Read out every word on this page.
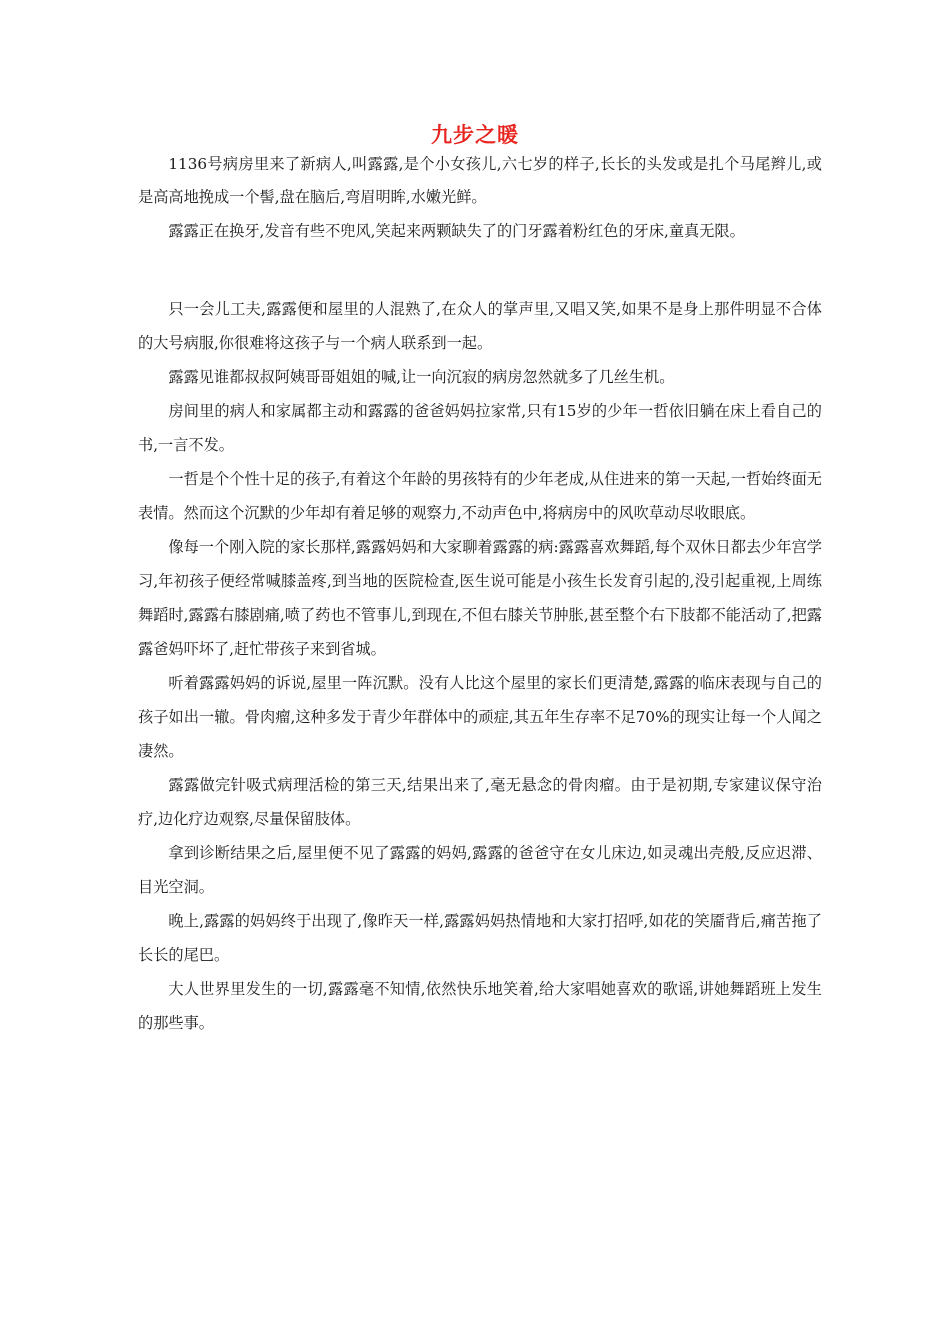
九步之暖

1136号病房里来了新病人,叫露露,是个小女孩儿,六七岁的样子,长长的头发或是扎个马尾辫儿,或是高高地挽成一个髻,盘在脑后,弯眉明眸,水嫩光鲜。

露露正在换牙,发音有些不兜风,笑起来两颗缺失了的门牙露着粉红色的牙床,童真无限。

只一会儿工夫,露露便和屋里的人混熟了,在众人的掌声里,又唱又笑,如果不是身上那件明显不合体的大号病服,你很难将这孩子与一个病人联系到一起。

露露见谁都叔叔阿姨哥哥姐姐的喊,让一向沉寂的病房忽然就多了几丝生机。

房间里的病人和家属都主动和露露的爸爸妈妈拉家常,只有15岁的少年一哲依旧躺在床上看自己的书,一言不发。

一哲是个个性十足的孩子,有着这个年龄的男孩特有的少年老成,从住进来的第一天起,一哲始终面无表情。然而这个沉默的少年却有着足够的观察力,不动声色中,将病房中的风吹草动尽收眼底。

像每一个刚入院的家长那样,露露妈妈和大家聊着露露的病:露露喜欢舞蹈,每个双休日都去少年宫学习,年初孩子便经常喊膝盖疼,到当地的医院检查,医生说可能是小孩生长发育引起的,没引起重视,上周练舞蹈时,露露右膝剧痛,喷了药也不管事儿,到现在,不但右膝关节肿胀,甚至整个右下肢都不能活动了,把露露爸妈吓坏了,赶忙带孩子来到省城。

听着露露妈妈的诉说,屋里一阵沉默。没有人比这个屋里的家长们更清楚,露露的临床表现与自己的孩子如出一辙。骨肉瘤,这种多发于青少年群体中的顽症,其五年生存率不足70%的现实让每一个人闻之凄然。

露露做完针吸式病理活检的第三天,结果出来了,毫无悬念的骨肉瘤。由于是初期,专家建议保守治疗,边化疗边观察,尽量保留肢体。

拿到诊断结果之后,屋里便不见了露露的妈妈,露露的爸爸守在女儿床边,如灵魂出壳般,反应迟滞、目光空洞。

晚上,露露的妈妈终于出现了,像昨天一样,露露妈妈热情地和大家打招呼,如花的笑靥背后,痛苦拖了长长的尾巴。

大人世界里发生的一切,露露毫不知情,依然快乐地笑着,给大家唱她喜欢的歌谣,讲她舞蹈班上发生的那些事。
